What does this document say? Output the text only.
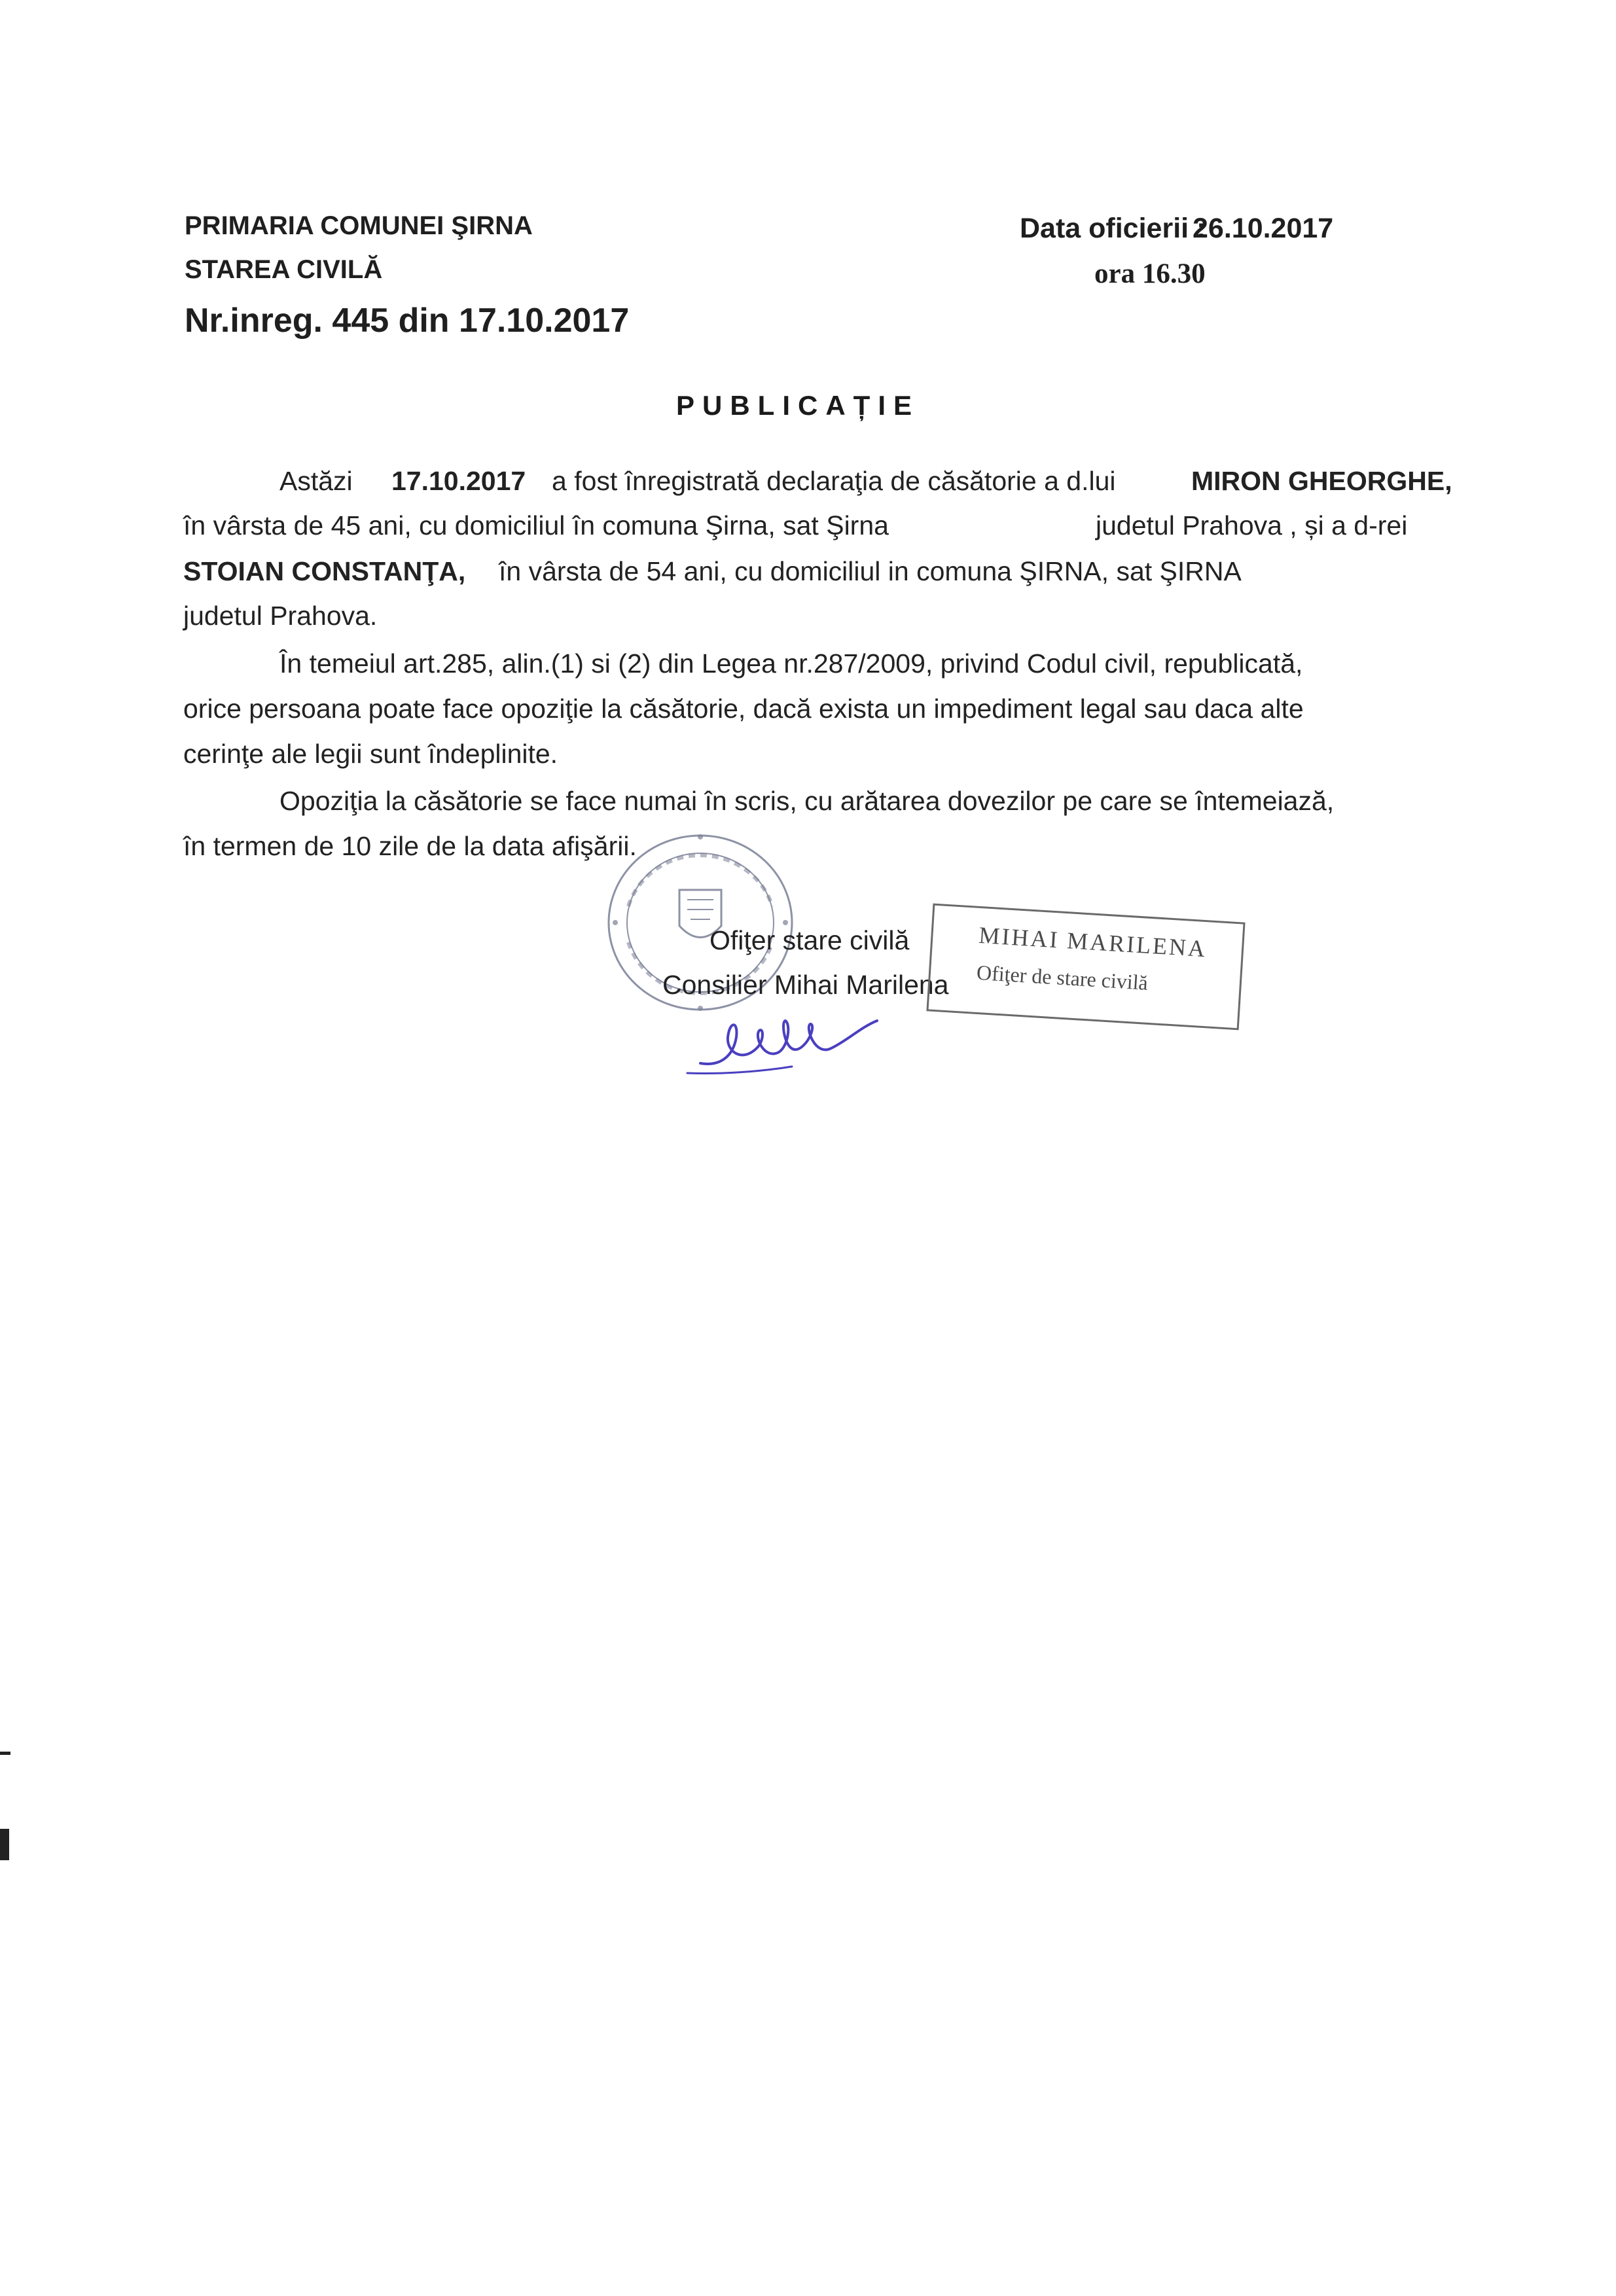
PRIMARIA COMUNEI ŞIRNA
STAREA CIVILĂ
Nr.inreg. 445 din 17.10.2017
Data oficierii :
26.10.2017
ora 16.30
PUBLICAȚIE
Astăzi 17.10.2017 a fost înregistrată declaraţia de căsătorie a d.lui	MIRON GHEORGHE,
în vârsta de 45 ani, cu domiciliul în comuna Şirna, sat Şirna	judetul Prahova , și a d-rei
STOIAN CONSTANŢA, în vârsta de 54 ani, cu domiciliul in comuna ŞIRNA, sat ŞIRNA
judetul Prahova.
În temeiul art.285, alin.(1) si (2) din Legea nr.287/2009, privind Codul civil, republicată,
orice persoana poate face opoziţie la căsătorie, dacă exista un impediment legal sau daca alte
cerinţe ale legii sunt îndeplinite.
Opoziţia la căsătorie se face numai în scris, cu arătarea dovezilor pe care se întemeiază,
în termen de 10 zile de la data afişării.
Ofiţer stare civilă
Consilier Mihai Marilena
MIHAI MARILENA
Ofiţer de stare civilă
